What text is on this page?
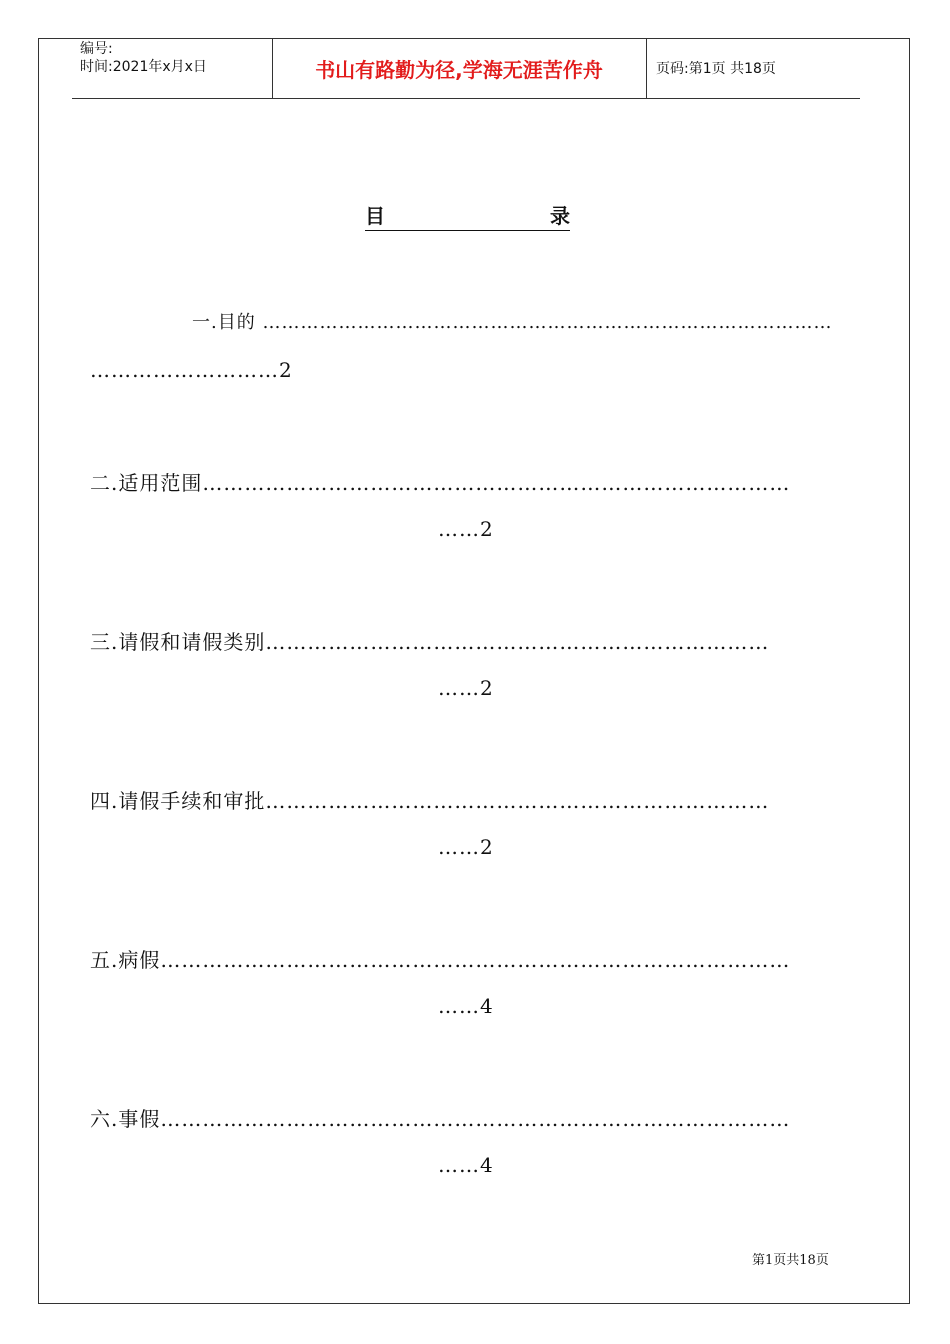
编号:
时间:2021年x月x日	书山有路勤为径,学海无涯苦作舟	页码:第1页 共18页
目	录
一.目的 ………………………………………………………………………………
………………………2
二.适用范围…………………………………………………………………………
……2
三.请假和请假类别………………………………………………………………
……2
四.请假手续和审批………………………………………………………………
……2
五.病假………………………………………………………………………………
……4
六.事假………………………………………………………………………………
……4
第1页共18页
